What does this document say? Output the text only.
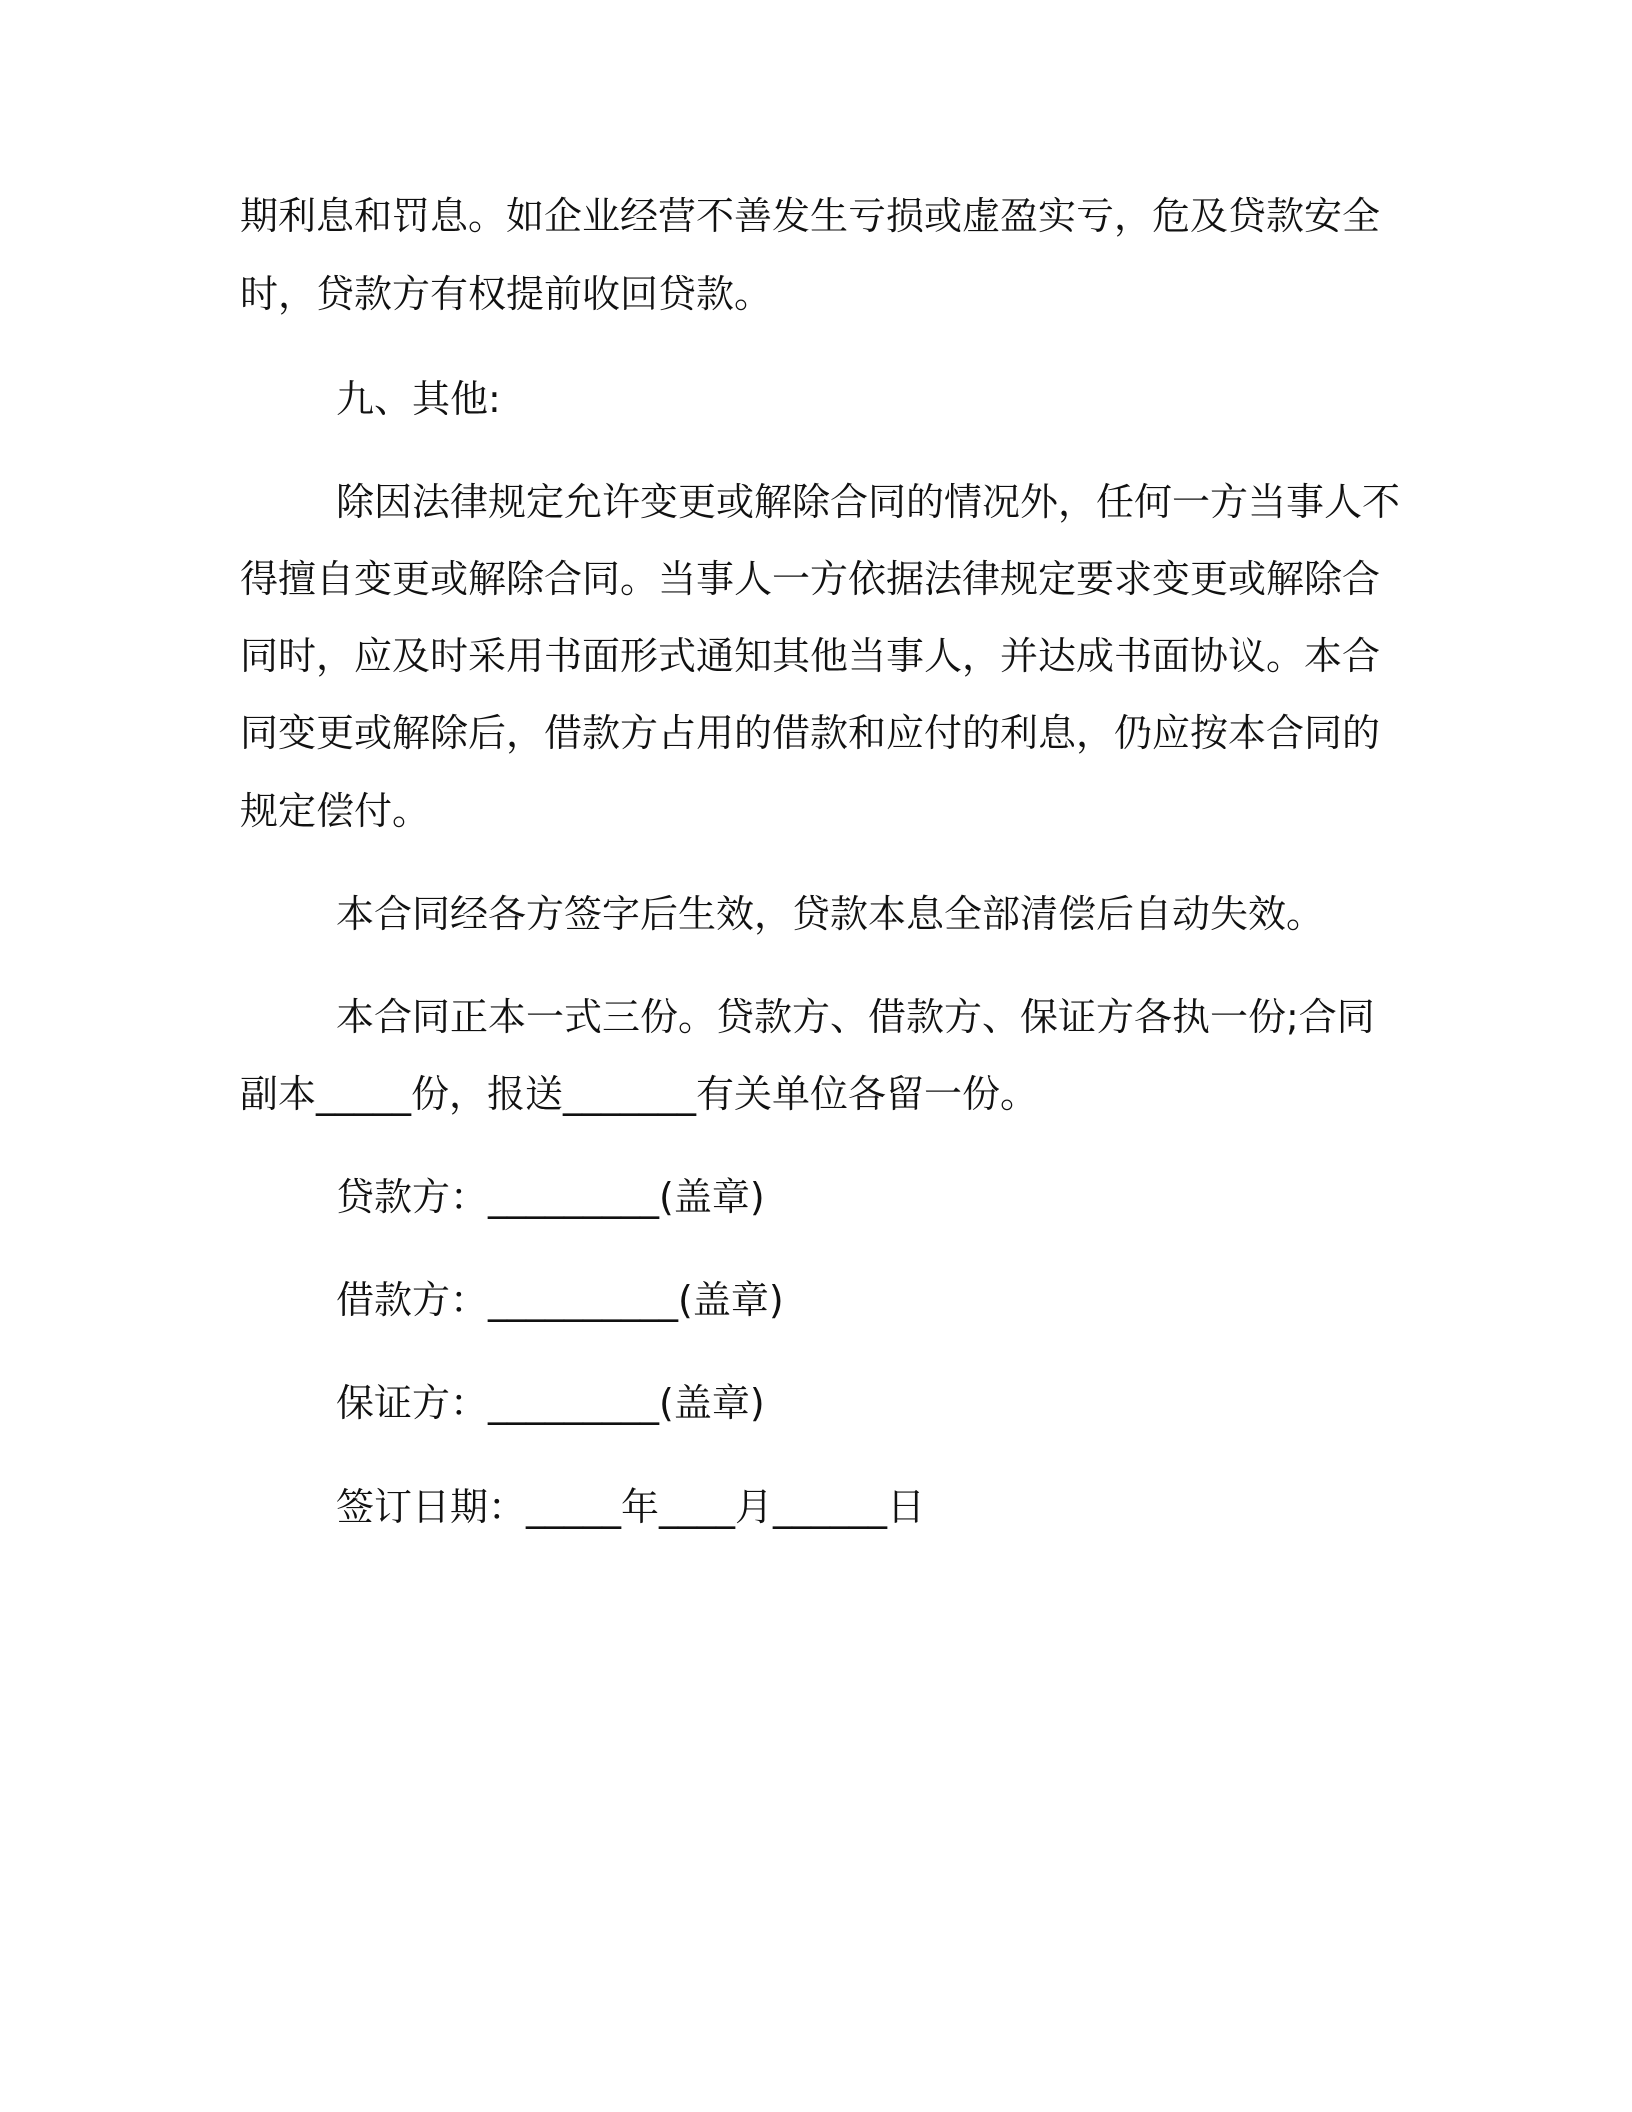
期利息和罚息。如企业经营不善发生亏损或虚盈实亏，危及贷款安全
时，贷款方有权提前收回贷款。
九、其他:
除因法律规定允许变更或解除合同的情况外，任何一方当事人不
得擅自变更或解除合同。当事人一方依据法律规定要求变更或解除合
同时，应及时采用书面形式通知其他当事人，并达成书面协议。本合
同变更或解除后，借款方占用的借款和应付的利息，仍应按本合同的
规定偿付。
本合同经各方签字后生效，贷款本息全部清偿后自动失效。
本合同正本一式三份。贷款方、借款方、保证方各执一份;合同
副本_____份，报送_______有关单位各留一份。
贷款方：_________(盖章)
借款方：__________(盖章)
保证方：_________(盖章)
签订日期：_____年____月______日
